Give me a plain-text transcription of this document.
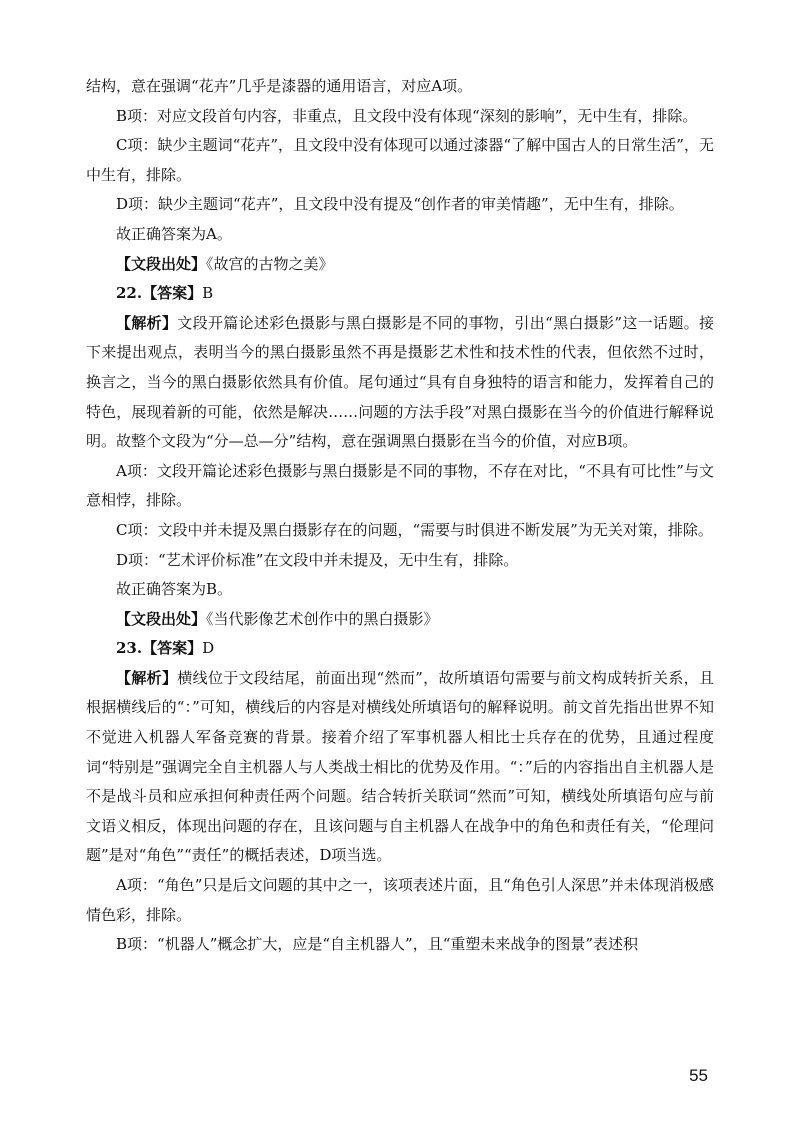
结构，意在强调“花卉”几乎是漆器的通用语言，对应A项。

B项：对应文段首句内容，非重点，且文段中没有体现“深刻的影响”，无中生有，排除。

C项：缺少主题词“花卉”，且文段中没有体现可以通过漆器“了解中国古人的日常生活”，无中生有，排除。

D项：缺少主题词“花卉”，且文段中没有提及“创作者的审美情趣”，无中生有，排除。

故正确答案为A。

【文段出处】《故宫的古物之美》

22.【答案】B

【解析】文段开篇论述彩色摄影与黑白摄影是不同的事物，引出“黑白摄影”这一话题。接下来提出观点，表明当今的黑白摄影虽然不再是摄影艺术性和技术性的代表，但依然不过时，换言之，当今的黑白摄影依然具有价值。尾句通过“具有自身独特的语言和能力，发挥着自己的特色，展现着新的可能，依然是解决……问题的方法手段”对黑白摄影在当今的价值进行解释说明。故整个文段为“分—总—分”结构，意在强调黑白摄影在当今的价值，对应B项。

A项：文段开篇论述彩色摄影与黑白摄影是不同的事物，不存在对比，“不具有可比性”与文意相悖，排除。

C项：文段中并未提及黑白摄影存在的问题，“需要与时俱进不断发展”为无关对策，排除。

D项：“艺术评价标准”在文段中并未提及，无中生有，排除。

故正确答案为B。

【文段出处】《当代影像艺术创作中的黑白摄影》

23.【答案】D

【解析】横线位于文段结尾，前面出现“然而”，故所填语句需要与前文构成转折关系，且根据横线后的“：”可知，横线后的内容是对横线处所填语句的解释说明。前文首先指出世界不知不觉进入机器人军备竞赛的背景。接着介绍了军事机器人相比士兵存在的优势，且通过程度词“特别是”强调完全自主机器人与人类战士相比的优势及作用。“：”后的内容指出自主机器人是不是战斗员和应承担何种责任两个问题。结合转折关联词“然而”可知，横线处所填语句应与前文语义相反，体现出问题的存在，且该问题与自主机器人在战争中的角色和责任有关，“伦理问题”是对“角色”“责任”的概括表述，D项当选。

A项：“角色”只是后文问题的其中之一，该项表述片面，且“角色引人深思”并未体现消极感情色彩，排除。

B项：“机器人”概念扩大，应是“自主机器人”，且“重塑未来战争的图景”表述积

55
